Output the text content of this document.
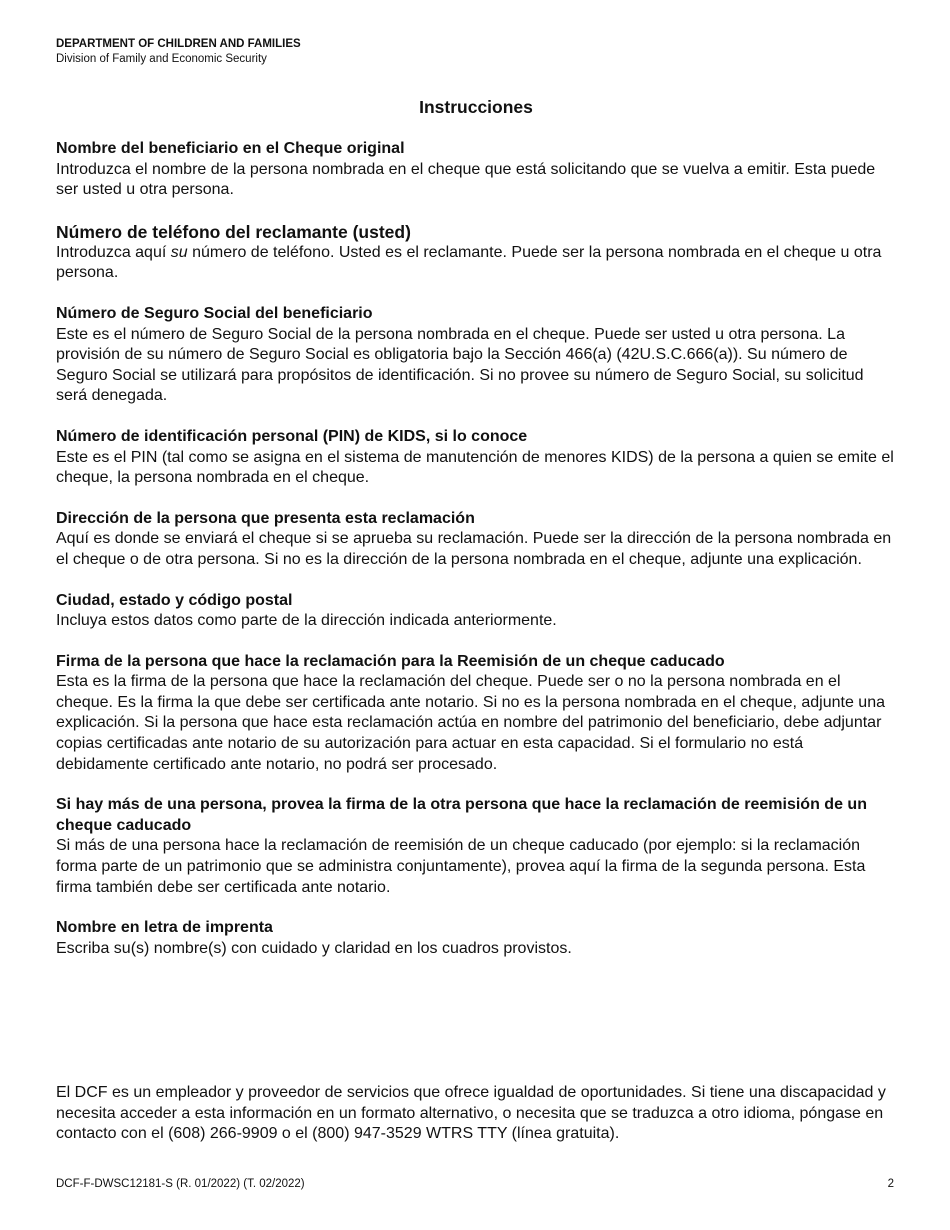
DEPARTMENT OF CHILDREN AND FAMILIES
Division of Family and Economic Security
Instrucciones
Nombre del beneficiario en el Cheque original

Introduzca el nombre de la persona nombrada en el cheque que está solicitando que se vuelva a emitir. Esta puede ser usted u otra persona.

Número de teléfono del reclamante (usted)

Introduzca aquí su número de teléfono. Usted es el reclamante. Puede ser la persona nombrada en el cheque u otra persona.

Número de Seguro Social del beneficiario

Este es el número de Seguro Social de la persona nombrada en el cheque. Puede ser usted u otra persona. La provisión de su número de Seguro Social es obligatoria bajo la Sección 466(a) (42U.S.C.666(a)). Su número de Seguro Social se utilizará para propósitos de identificación. Si no provee su número de Seguro Social, su solicitud será denegada.

Número de identificación personal (PIN) de KIDS, si lo conoce

Este es el PIN (tal como se asigna en el sistema de manutención de menores KIDS) de la persona a quien se emite el cheque, la persona nombrada en el cheque.

Dirección de la persona que presenta esta reclamación

Aquí es donde se enviará el cheque si se aprueba su reclamación. Puede ser la dirección de la persona nombrada en el cheque o de otra persona. Si no es la dirección de la persona nombrada en el cheque, adjunte una explicación.

Ciudad, estado y código postal

Incluya estos datos como parte de la dirección indicada anteriormente.

Firma de la persona que hace la reclamación para la Reemisión de un cheque caducado

Esta es la firma de la persona que hace la reclamación del cheque. Puede ser o no la persona nombrada en el cheque. Es la firma la que debe ser certificada ante notario. Si no es la persona nombrada en el cheque, adjunte una explicación. Si la persona que hace esta reclamación actúa en nombre del patrimonio del beneficiario, debe adjuntar copias certificadas ante notario de su autorización para actuar en esta capacidad. Si el formulario no está debidamente certificado ante notario, no podrá ser procesado.

Si hay más de una persona, provea la firma de la otra persona que hace la reclamación de reemisión de un cheque caducado

Si más de una persona hace la reclamación de reemisión de un cheque caducado (por ejemplo: si la reclamación forma parte de un patrimonio que se administra conjuntamente), provea aquí la firma de la segunda persona. Esta firma también debe ser certificada ante notario.

Nombre en letra de imprenta

Escriba su(s) nombre(s) con cuidado y claridad en los cuadros provistos.

El DCF es un empleador y proveedor de servicios que ofrece igualdad de oportunidades. Si tiene una discapacidad y necesita acceder a esta información en un formato alternativo, o necesita que se traduzca a otro idioma, póngase en contacto con el (608) 266-9909 o el (800) 947-3529 WTRS TTY (línea gratuita).

DCF-F-DWSC12181-S (R. 01/2022) (T. 02/2022)	2
